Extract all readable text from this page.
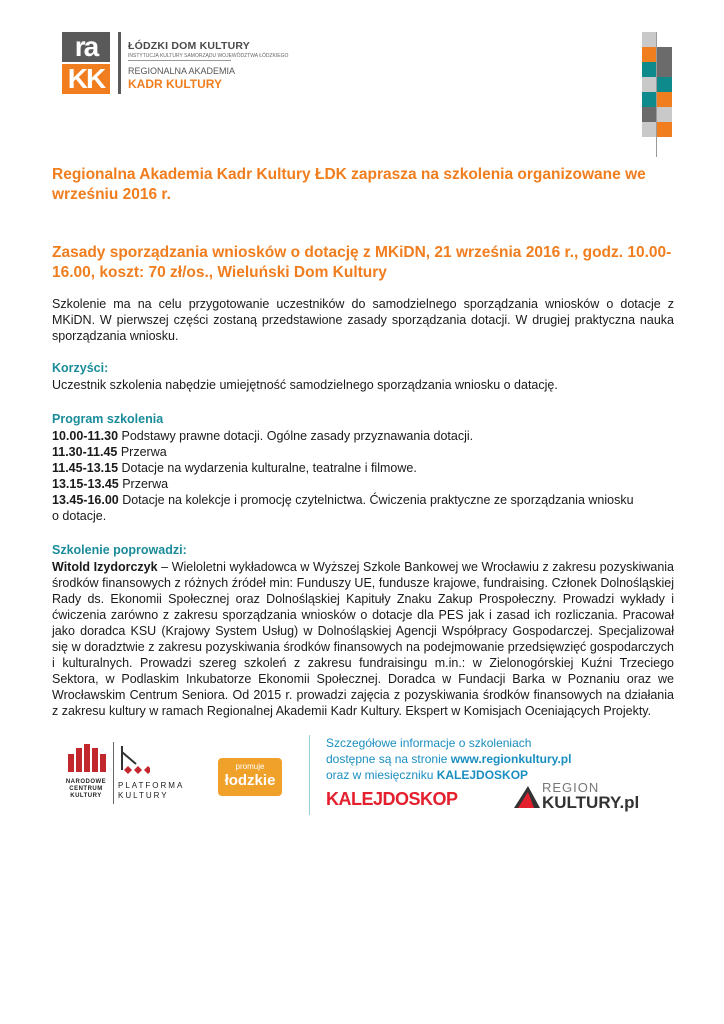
ra
KK
ŁÓDZKI DOM KULTURY
INSTYTUCJA KULTURY SAMORZĄDU WOJEWÓDZTWA ŁÓDZKIEGO
REGIONALNA AKADEMIA
KADR KULTURY
Regionalna Akademia Kadr Kultury ŁDK zaprasza na szkolenia organizowane we wrześniu 2016 r.
Zasady sporządzania wniosków o dotację z MKiDN, 21 września 2016 r., godz. 10.00-16.00, koszt: 70 zł/os., Wieluński Dom Kultury
Szkolenie ma na celu przygotowanie uczestników do samodzielnego sporządzania wniosków o dotacje z MKiDN. W pierwszej części zostaną przedstawione zasady sporządzania dotacji. W drugiej praktyczna nauka sporządzania wniosku.
Korzyści:
Uczestnik szkolenia nabędzie umiejętność samodzielnego sporządzania wniosku o datację.
Program szkolenia
10.00-11.30 Podstawy prawne dotacji. Ogólne zasady przyznawania dotacji.
11.30-11.45 Przerwa
11.45-13.15 Dotacje na wydarzenia kulturalne, teatralne i filmowe.
13.15-13.45 Przerwa
13.45-16.00 Dotacje na kolekcje i promocję czytelnictwa. Ćwiczenia praktyczne ze sporządzania wniosku o dotacje.
Szkolenie poprowadzi:
Witold Izydorczyk – Wieloletni wykładowca w Wyższej Szkole Bankowej we Wrocławiu z zakresu pozyskiwania środków finansowych z różnych źródeł min: Funduszy UE, fundusze krajowe, fundraising. Członek Dolnośląskiej Rady ds. Ekonomii Społecznej oraz Dolnośląskiej Kapituły Znaku Zakup Prospołeczny. Prowadzi wykłady i ćwiczenia zarówno z zakresu sporządzania wniosków o dotacje dla PES jak i zasad ich rozliczania. Pracował jako doradca KSU (Krajowy System Usług) w Dolnośląskiej Agencji Współpracy Gospodarczej. Specjalizował się w doradztwie z zakresu pozyskiwania środków finansowych na podejmowanie przedsięwzięć gospodarczych i kulturalnych. Prowadzi szereg szkoleń z zakresu fundraisingu m.in.: w Zielonogórskiej Kuźni Trzeciego Sektora, w Podlaskim Inkubatorze Ekonomii Społecznej. Doradca w Fundacji Barka w Poznaniu oraz we Wrocławskim Centrum Seniora. Od 2015 r. prowadzi zajęcia z pozyskiwania środków finansowych na działania z zakresu kultury w ramach Regionalnej Akademii Kadr Kultury. Ekspert w Komisjach Oceniających Projekty.
NARODOWE
CENTRUM
KULTURY
PLATFORMA
KULTURY
promuje
łodzkie
Szczegółowe informacje o szkoleniach
dostępne są na stronie www.regionkultury.pl
oraz w miesięczniku KALEJDOSKOP
KALEJDOSKOP
REGION
KULTURY.pl
